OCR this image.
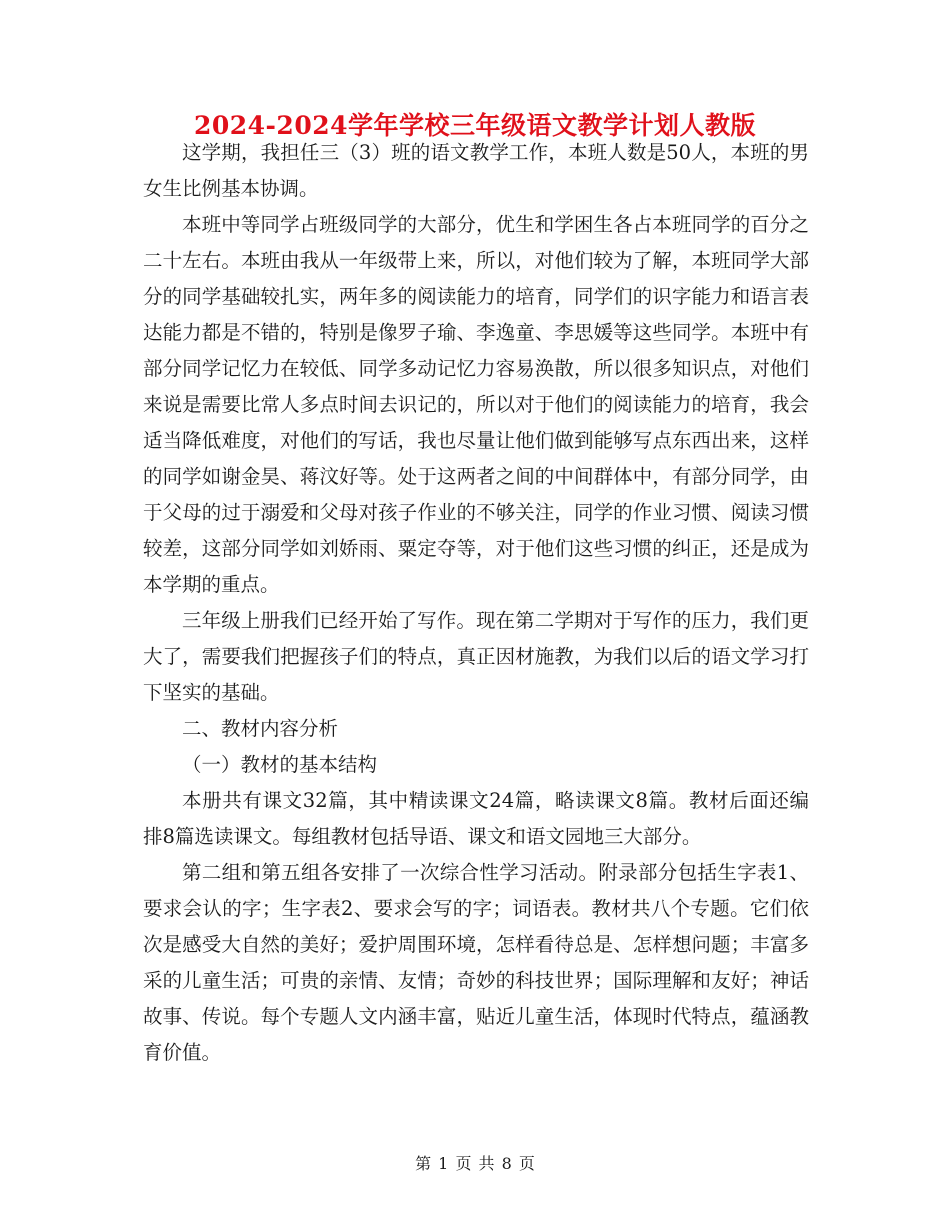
2024-2024学年学校三年级语文教学计划人教版

这学期，我担任三（3）班的语文教学工作，本班人数是50人，本班的男女生比例基本协调。

本班中等同学占班级同学的大部分，优生和学困生各占本班同学的百分之二十左右。本班由我从一年级带上来，所以，对他们较为了解，本班同学大部分的同学基础较扎实，两年多的阅读能力的培育，同学们的识字能力和语言表达能力都是不错的，特别是像罗子瑜、李逸童、李思媛等这些同学。本班中有部分同学记忆力在较低、同学多动记忆力容易涣散，所以很多知识点，对他们来说是需要比常人多点时间去识记的，所以对于他们的阅读能力的培育，我会适当降低难度，对他们的写话，我也尽量让他们做到能够写点东西出来，这样的同学如谢金昊、蒋汶好等。处于这两者之间的中间群体中，有部分同学，由于父母的过于溺爱和父母对孩子作业的不够关注，同学的作业习惯、阅读习惯较差，这部分同学如刘娇雨、粟定夺等，对于他们这些习惯的纠正，还是成为本学期的重点。

三年级上册我们已经开始了写作。现在第二学期对于写作的压力，我们更大了，需要我们把握孩子们的特点，真正因材施教，为我们以后的语文学习打下坚实的基础。

二、教材内容分析

（一）教材的基本结构

本册共有课文32篇，其中精读课文24篇，略读课文8篇。教材后面还编排8篇选读课文。每组教材包括导语、课文和语文园地三大部分。

第二组和第五组各安排了一次综合性学习活动。附录部分包括生字表1、要求会认的字；生字表2、要求会写的字；词语表。教材共八个专题。它们依次是感受大自然的美好；爱护周围环境，怎样看待总是、怎样想问题；丰富多采的儿童生活；可贵的亲情、友情；奇妙的科技世界；国际理解和友好；神话故事、传说。每个专题人文内涵丰富，贴近儿童生活，体现时代特点，蕴涵教育价值。

第 1 页 共 8 页
